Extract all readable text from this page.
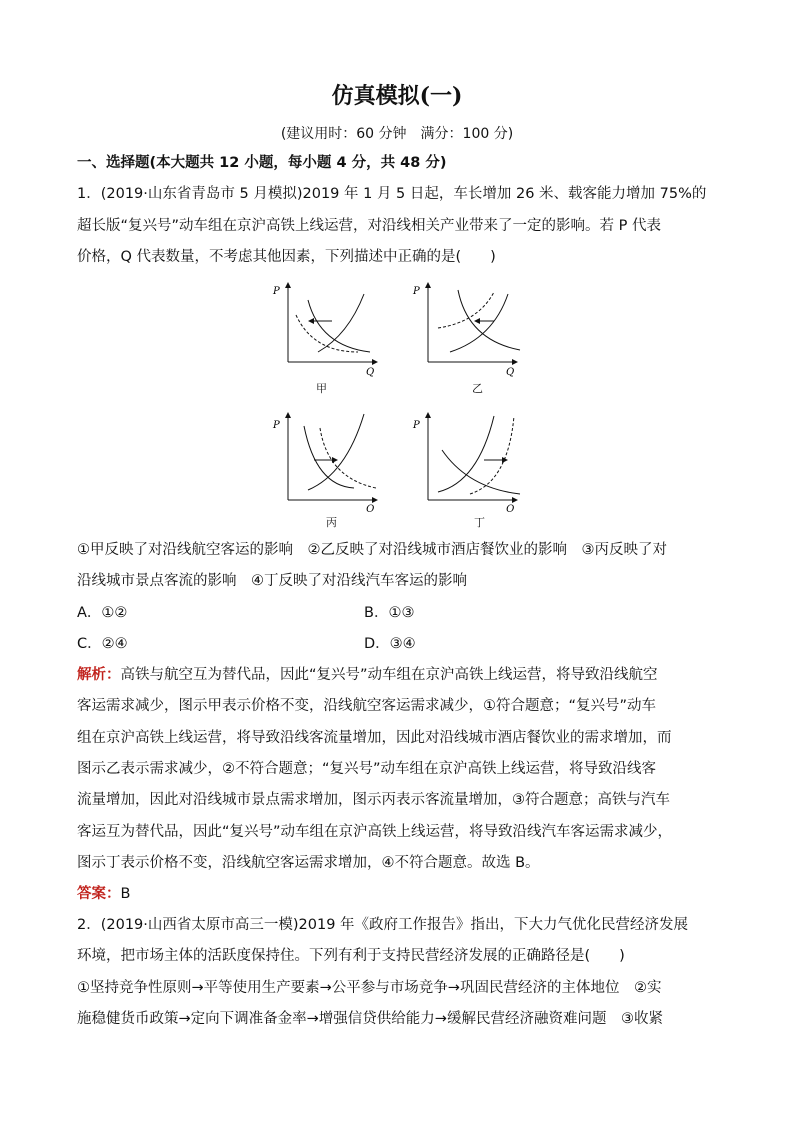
仿真模拟(一)
(建议用时：60 分钟　满分：100 分)
一、选择题(本大题共 12 小题，每小题 4 分，共 48 分)
1．(2019·山东省青岛市 5 月模拟)2019 年 1 月 5 日起，车长增加 26 米、载客能力增加 75%的
超长版“复兴号”动车组在京沪高铁上线运营，对沿线相关产业带来了一定的影响。若 P 代表
价格，Q 代表数量，不考虑其他因素，下列描述中正确的是(　　)
P
Q
甲
P
Q
乙
P
Q
丙
P
Q
丁
①甲反映了对沿线航空客运的影响　②乙反映了对沿线城市酒店餐饮业的影响　③丙反映了对
沿线城市景点客流的影响　④丁反映了对沿线汽车客运的影响
A．①②	B．①③
C．②④	D．③④
解析：高铁与航空互为替代品，因此“复兴号”动车组在京沪高铁上线运营，将导致沿线航空
客运需求减少，图示甲表示价格不变，沿线航空客运需求减少，①符合题意；“复兴号”动车
组在京沪高铁上线运营，将导致沿线客流量增加，因此对沿线城市酒店餐饮业的需求增加，而
图示乙表示需求减少，②不符合题意；“复兴号”动车组在京沪高铁上线运营，将导致沿线客
流量增加，因此对沿线城市景点需求增加，图示丙表示客流量增加，③符合题意；高铁与汽车
客运互为替代品，因此“复兴号”动车组在京沪高铁上线运营，将导致沿线汽车客运需求减少，
图示丁表示价格不变，沿线航空客运需求增加，④不符合题意。故选 B。
答案：B
2．(2019·山西省太原市高三一模)2019 年《政府工作报告》指出，下大力气优化民营经济发展
环境，把市场主体的活跃度保持住。下列有利于支持民营经济发展的正确路径是(　　)
①坚持竞争性原则→平等使用生产要素→公平参与市场竞争→巩固民营经济的主体地位　②实
施稳健货币政策→定向下调准备金率→增强信贷供给能力→缓解民营经济融资难问题　③收紧
